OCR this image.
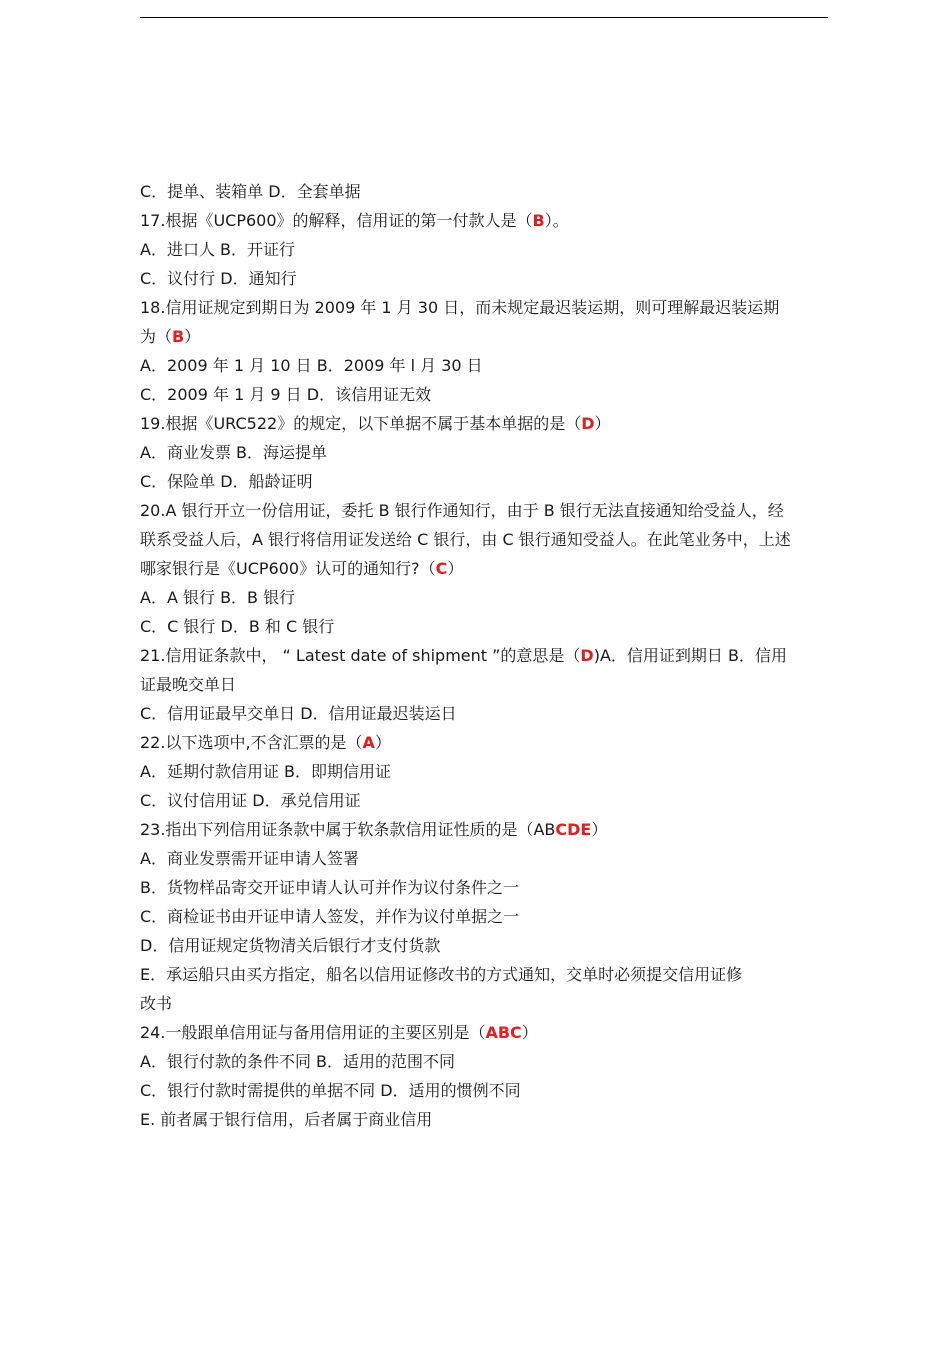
C．提单、装箱单 D．全套单据
17.根据《UCP600》的解释，信用证的第一付款人是（B）。
A．进口人 B．开证行
C．议付行 D．通知行
18.信用证规定到期日为 2009 年 1 月 30 日，而未规定最迟装运期，则可理解最迟装运期
为（B）
A．2009 年 1 月 10 日 B．2009 年 l 月 30 日
C．2009 年 1 月 9 日 D．该信用证无效
19.根据《URC522》的规定，以下单据不属于基本单据的是（D）
A．商业发票 B．海运提单
C．保险单 D．船龄证明
20.A 银行开立一份信用证，委托 B 银行作通知行，由于 B 银行无法直接通知给受益人，经
联系受益人后，A 银行将信用证发送给 C 银行，由 C 银行通知受益人。在此笔业务中，上述
哪家银行是《UCP600》认可的通知行?（C）
A．A 银行 B．B 银行
C．C 银行 D．B 和 C 银行
21.信用证条款中， “ Latest date of shipment ”的意思是（D)A．信用证到期日 B．信用
证最晚交单日
C．信用证最早交单日 D．信用证最迟装运日
22.以下选项中,不含汇票的是（A）
A．延期付款信用证 B．即期信用证
C．议付信用证 D．承兑信用证
23.指出下列信用证条款中属于软条款信用证性质的是（ABCDE）
A．商业发票需开证申请人签署
B．货物样品寄交开证申请人认可并作为议付条件之一
C．商检证书由开证申请人签发，并作为议付单据之一
D．信用证规定货物清关后银行才支付货款
E．承运船只由买方指定，船名以信用证修改书的方式通知，交单时必须提交信用证修
改书
24.一般跟单信用证与备用信用证的主要区别是（ABC）
A．银行付款的条件不同 B．适用的范围不同
C．银行付款时需提供的单据不同 D．适用的惯例不同
E. 前者属于银行信用，后者属于商业信用
